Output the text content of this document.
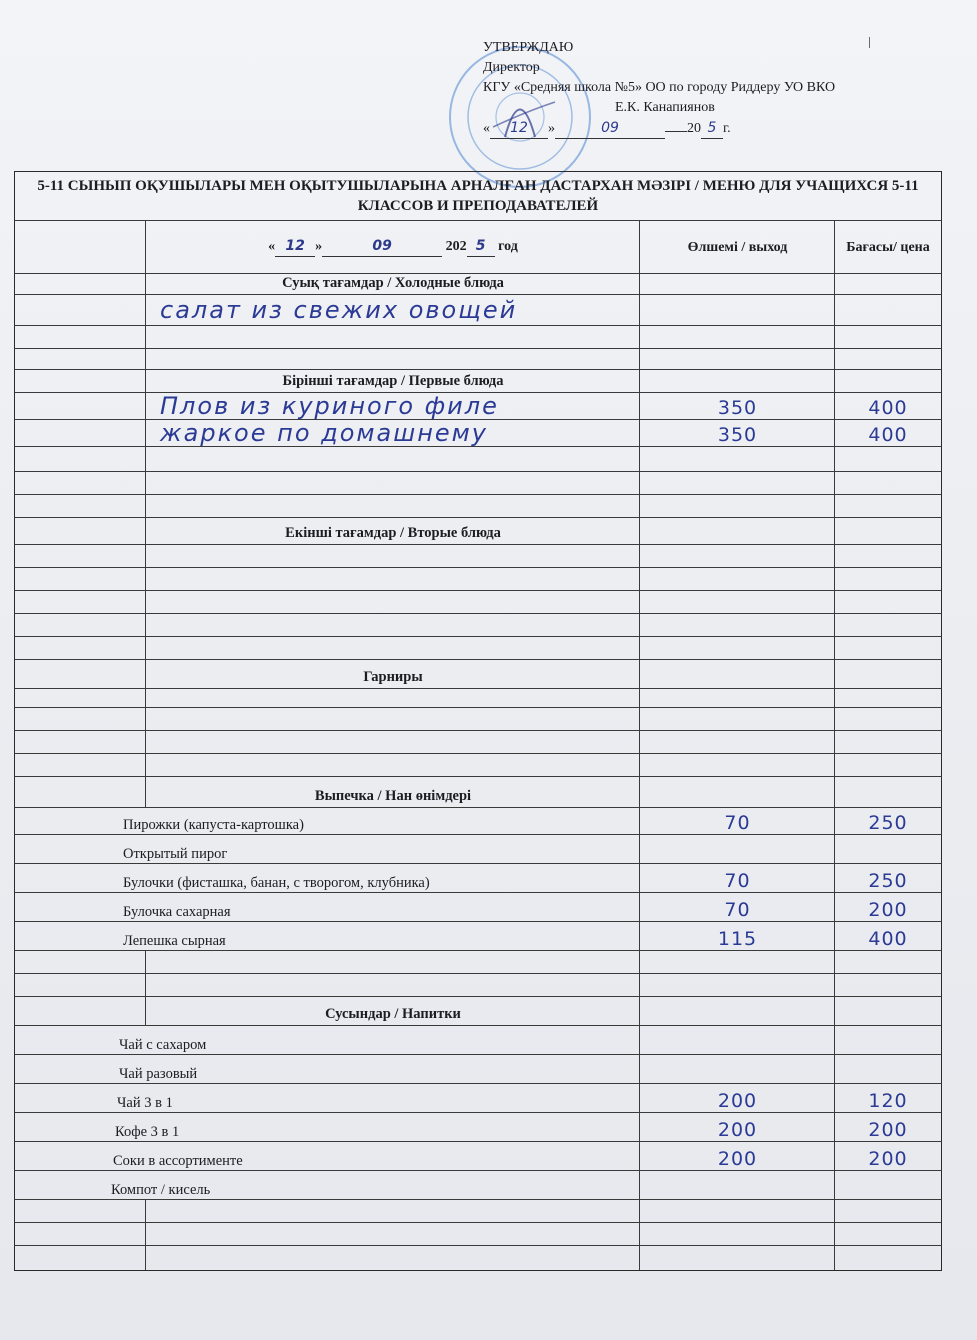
ǀ
УТВЕРЖДАЮ
Директор
КГУ «Средняя школа №5» ОО по городу Риддеру УО ВКО
Е.К. Канапиянов
« 12 »	09	20 5 г.
5-11 СЫНЫП ОҚУШЫЛАРЫ МЕН ОҚЫТУШЫЛАРЫНА АРНАЛҒАН ДАСТАРХАН МӘЗІРІ / МЕНЮ ДЛЯ УЧАЩИХСЯ 5-11 КЛАССОВ И ПРЕПОДАВАТЕЛЕЙ
« 12 »	09	202 5 год	Өлшемі / выход	Бағасы/ цена
Суық тағамдар / Холодные блюда
салат из свежих овощей
Бірінші тағамдар / Первые блюда
Плов из куриного филе	350	400
жаркое по домашнему	350	400
Екінші тағамдар / Вторые блюда
Гарниры
Выпечка / Нан өнімдері
Пирожки (капуста-картошка)	70	250
Открытый пирог
Булочки (фисташка, банан, с творогом, клубника)	70	250
Булочка сахарная	70	200
Лепешка сырная	115	400
Сусындар / Напитки
Чай с сахаром
Чай разовый
Чай 3 в 1	200	120
Кофе 3 в 1	200	200
Соки в ассортименте	200	200
Компот / кисель
